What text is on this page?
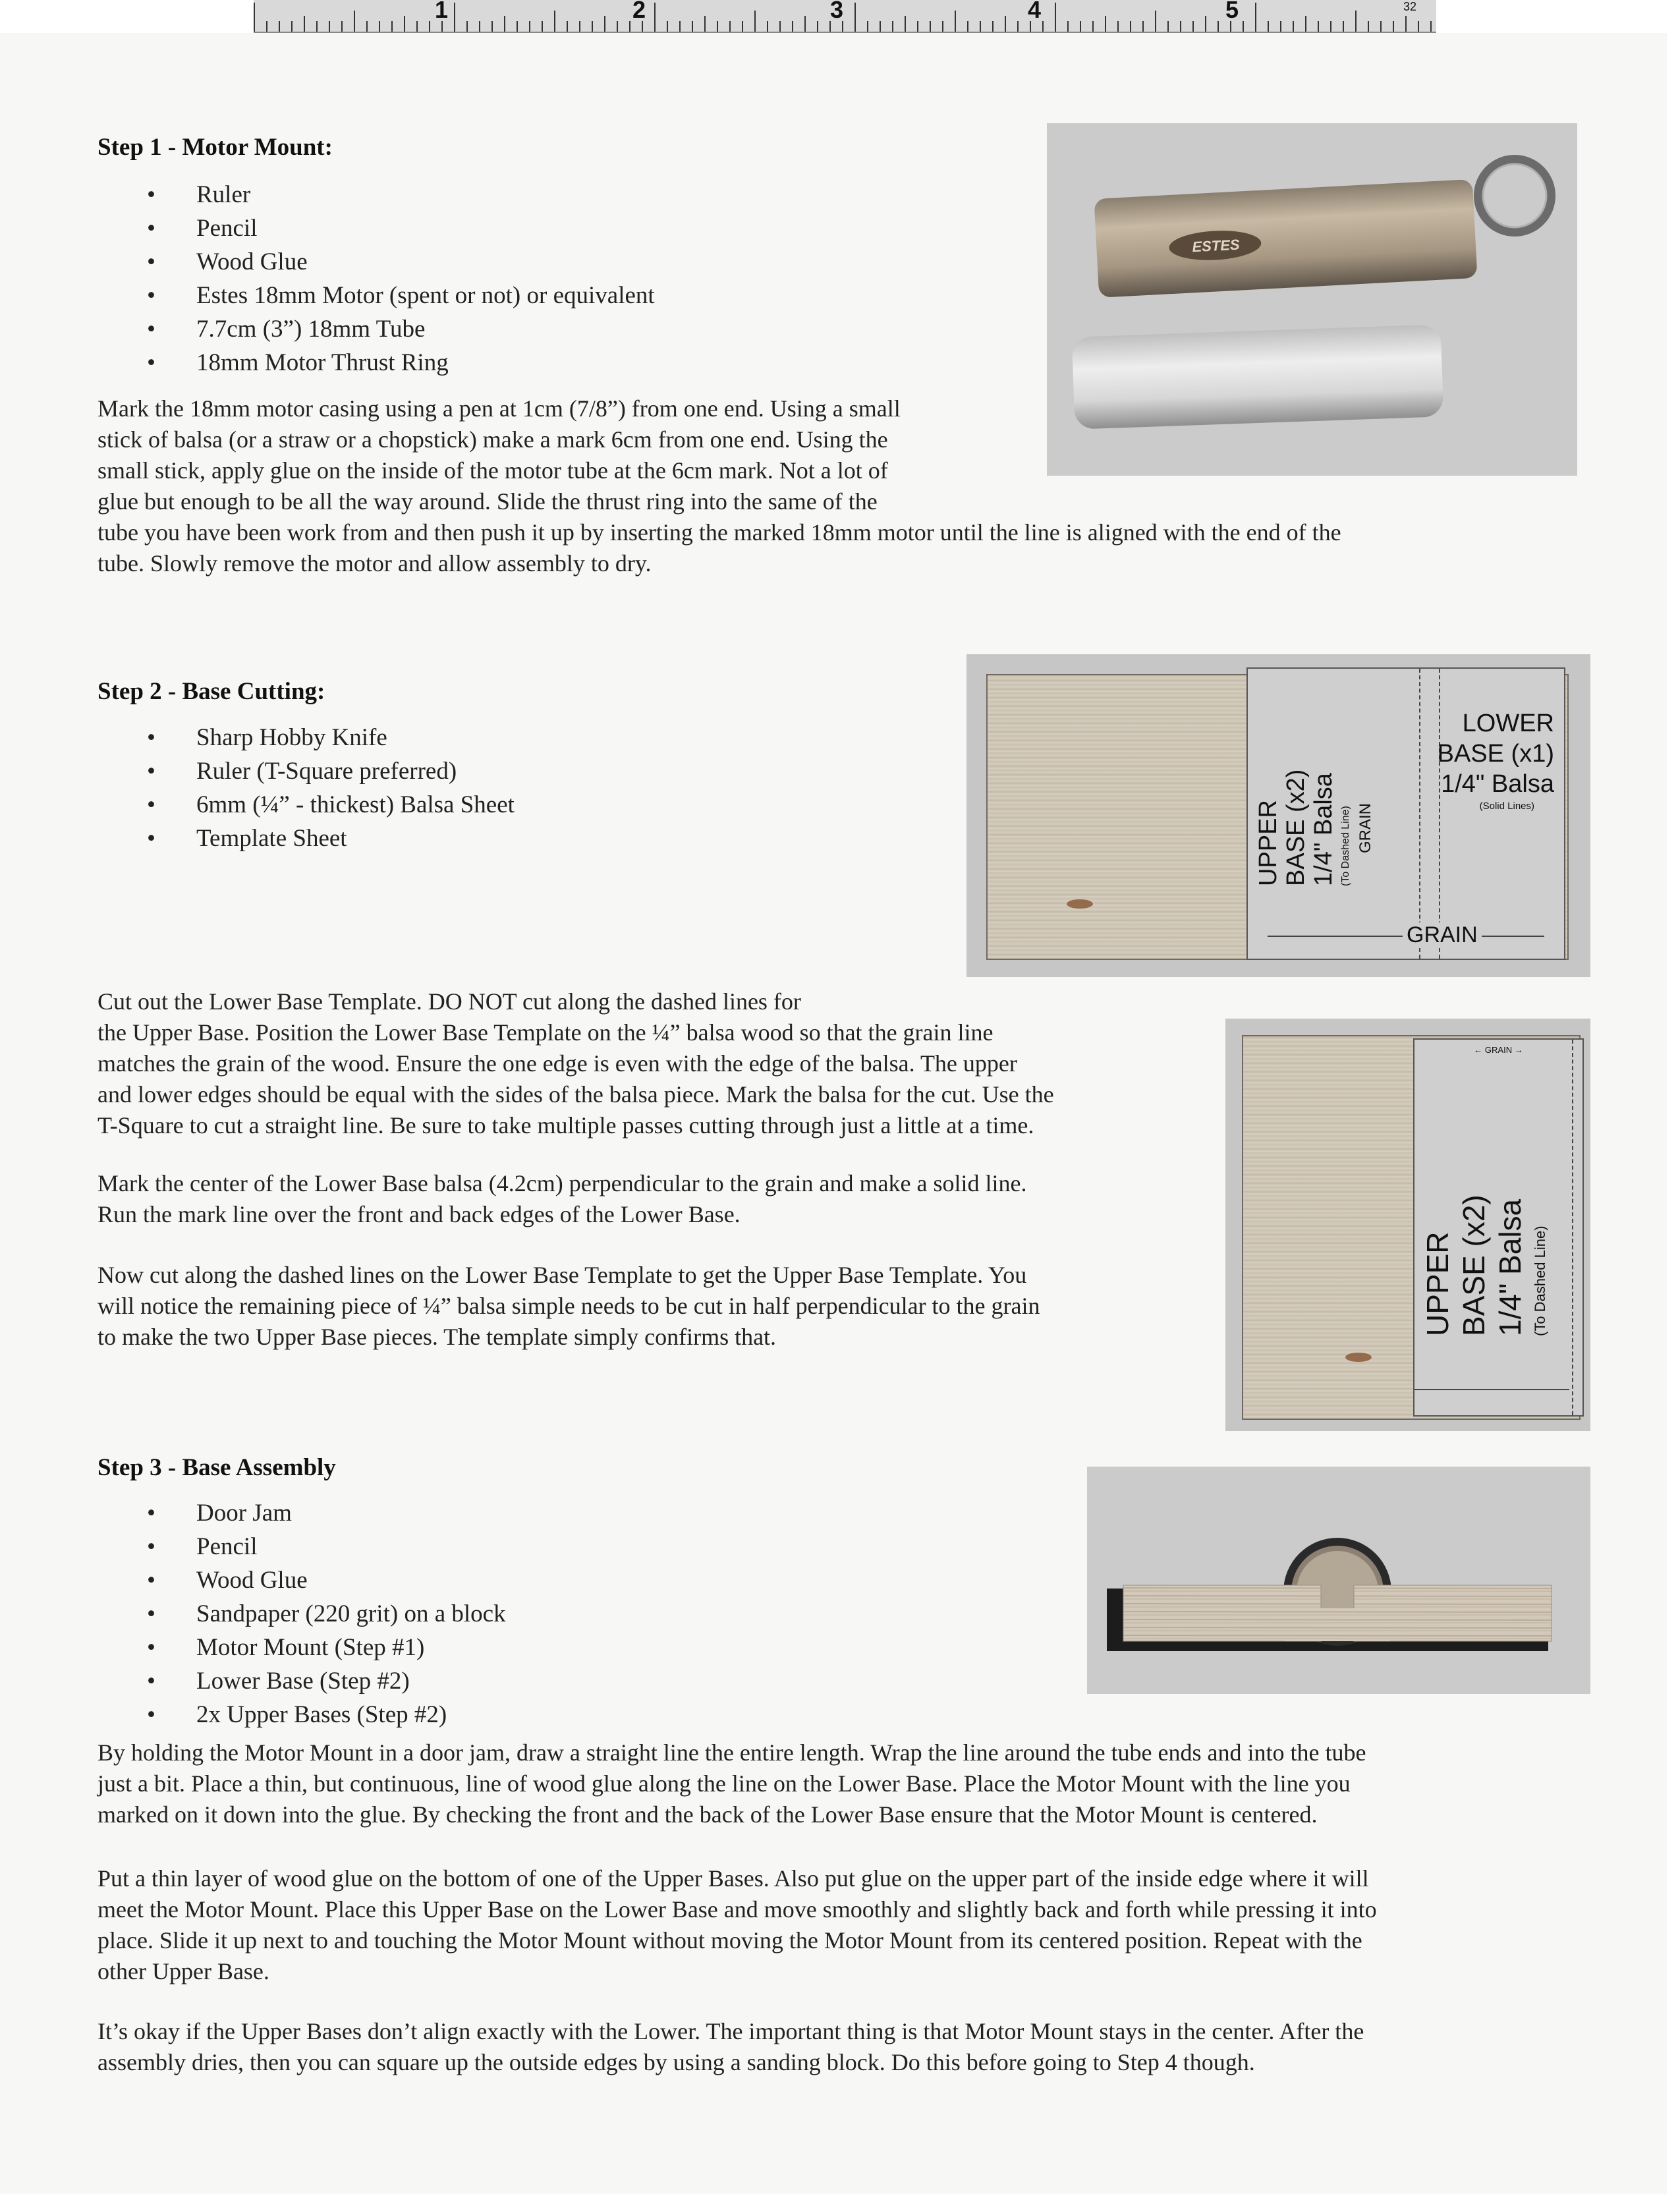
1	2	3	4	5	32
Step 1 - Motor Mount:
• Ruler
• Pencil
• Wood Glue
• Estes 18mm Motor (spent or not) or equivalent
• 7.7cm (3”) 18mm Tube
• 18mm Motor Thrust Ring

Mark the 18mm motor casing using a pen at 1cm (7/8”) from one end. Using a small
stick of balsa (or a straw or a chopstick) make a mark 6cm from one end. Using the
small stick, apply glue on the inside of the motor tube at the 6cm mark. Not a lot of
glue but enough to be all the way around. Slide the thrust ring into the same of the
tube you have been work from and then push it up by inserting the marked 18mm motor until the line is aligned with the end of the
tube. Slowly remove the motor and allow assembly to dry.

ESTES
Step 2 - Base Cutting:
• Sharp Hobby Knife
• Ruler (T-Square preferred)
• 6mm (¼” - thickest) Balsa Sheet
• Template Sheet
LOWER
BASE (x1)
1/4" Balsa
(Solid Lines)
UPPER
BASE (x2)
1/4" Balsa (To Dashed Line) GRAIN
GRAIN

Cut out the Lower Base Template. DO NOT cut along the dashed lines for
the Upper Base. Position the Lower Base Template on the ¼” balsa wood so that the grain line
matches the grain of the wood. Ensure the one edge is even with the edge of the balsa. The upper
and lower edges should be equal with the sides of the balsa piece. Mark the balsa for the cut. Use the
T-Square to cut a straight line. Be sure to take multiple passes cutting through just a little at a time.

← GRAIN →
UPPER
BASE (x2)
1/4" Balsa (To Dashed Line)

Mark the center of the Lower Base balsa (4.2cm) perpendicular to the grain and make a solid line.
Run the mark line over the front and back edges of the Lower Base.

Now cut along the dashed lines on the Lower Base Template to get the Upper Base Template. You
will notice the remaining piece of ¼” balsa simple needs to be cut in half perpendicular to the grain
to make the two Upper Base pieces. The template simply confirms that.

Step 3 - Base Assembly
• Door Jam
• Pencil
• Wood Glue
• Sandpaper (220 grit) on a block
• Motor Mount (Step #1)
• Lower Base (Step #2)
• 2x Upper Bases (Step #2)

By holding the Motor Mount in a door jam, draw a straight line the entire length. Wrap the line around the tube ends and into the tube
just a bit. Place a thin, but continuous, line of wood glue along the line on the Lower Base. Place the Motor Mount with the line you
marked on it down into the glue. By checking the front and the back of the Lower Base ensure that the Motor Mount is centered.

Put a thin layer of wood glue on the bottom of one of the Upper Bases. Also put glue on the upper part of the inside edge where it will
meet the Motor Mount. Place this Upper Base on the Lower Base and move smoothly and slightly back and forth while pressing it into
place. Slide it up next to and touching the Motor Mount without moving the Motor Mount from its centered position. Repeat with the
other Upper Base.

It’s okay if the Upper Bases don’t align exactly with the Lower. The important thing is that Motor Mount stays in the center. After the
assembly dries, then you can square up the outside edges by using a sanding block. Do this before going to Step 4 though.
